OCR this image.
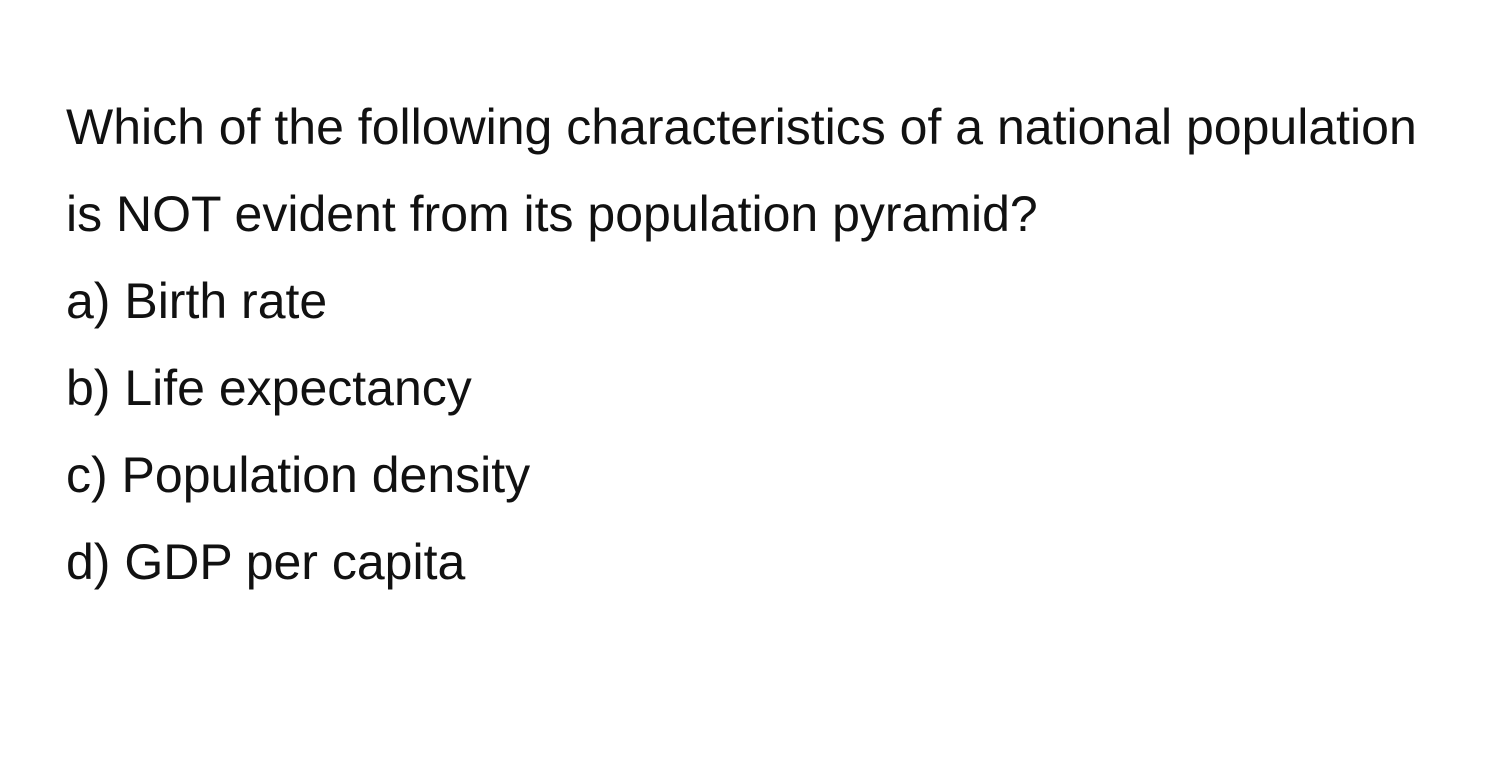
Which of the following characteristics of a national population is NOT evident from its population pyramid?

a) Birth rate
b) Life expectancy
c) Population density
d) GDP per capita
